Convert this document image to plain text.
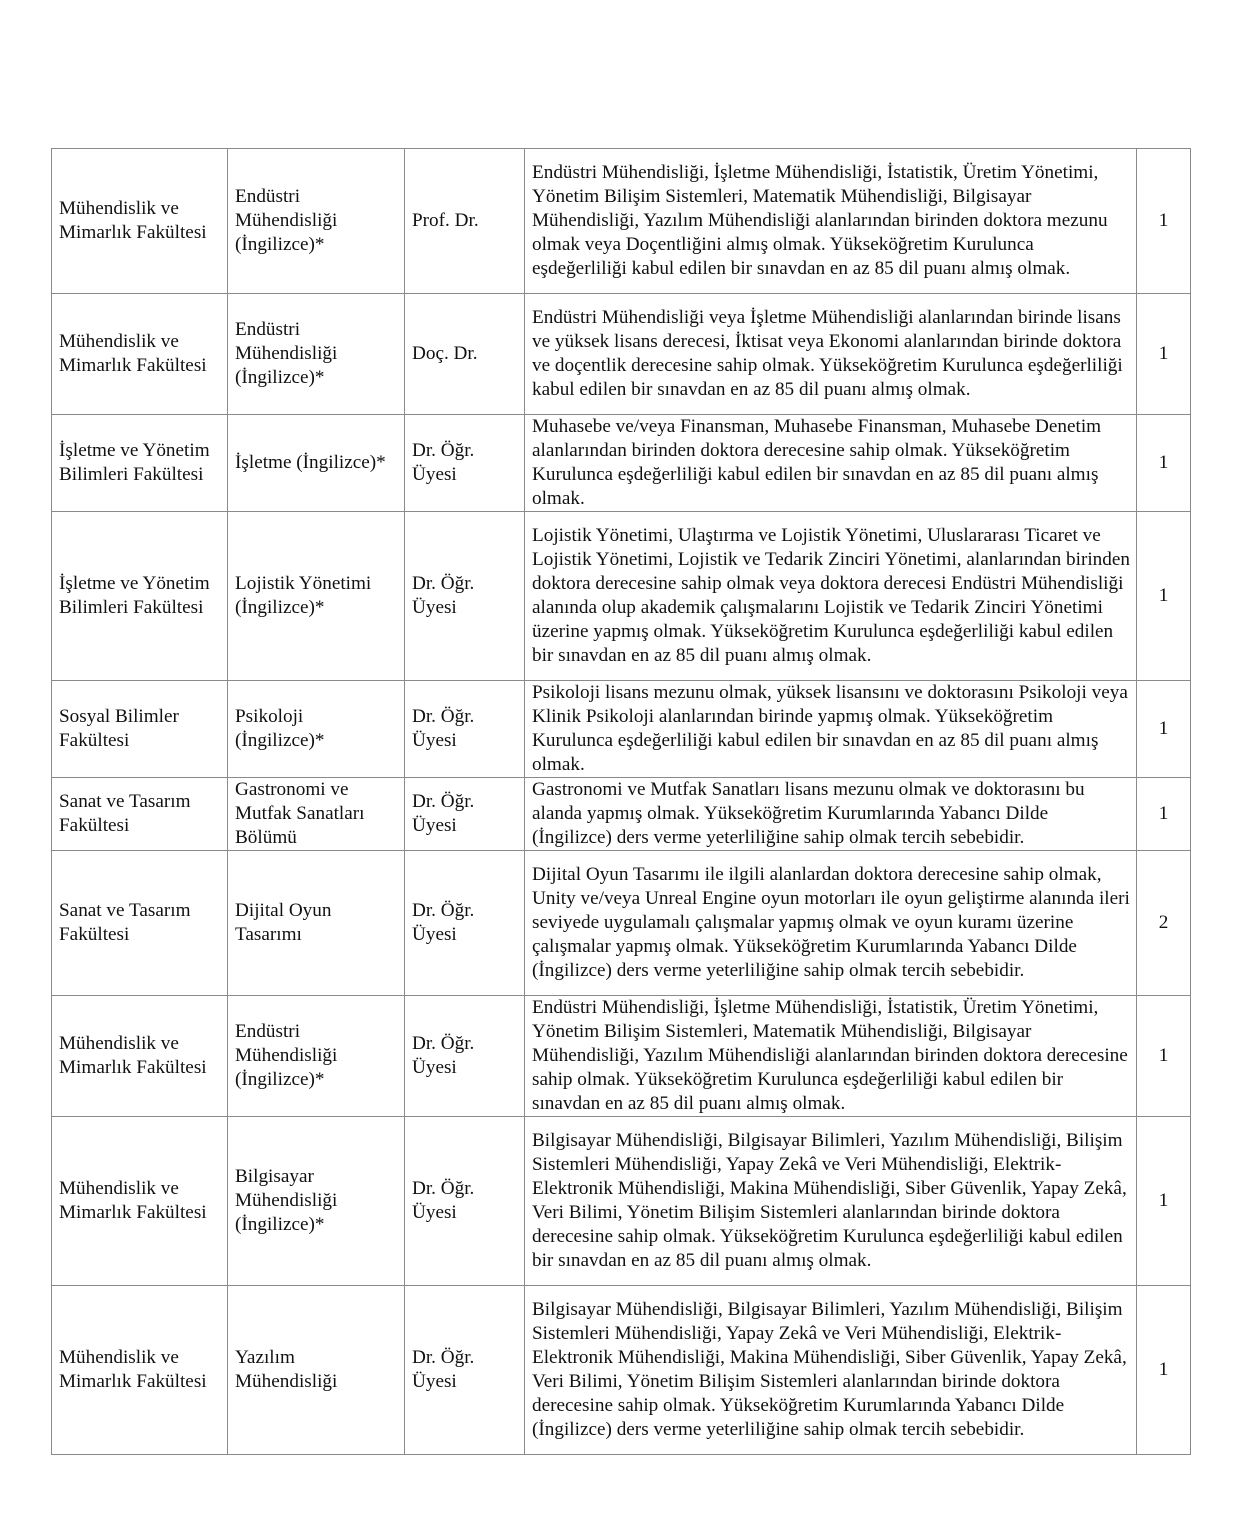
Mühendislik ve Mimarlık Fakültesi	Endüstri Mühendisliği (İngilizce)*	Prof. Dr.	Endüstri Mühendisliği, İşletme Mühendisliği, İstatistik, Üretim Yönetimi, Yönetim Bilişim Sistemleri, Matematik Mühendisliği, Bilgisayar Mühendisliği, Yazılım Mühendisliği alanlarından birinden doktora mezunu olmak veya Doçentliğini almış olmak. Yükseköğretim Kurulunca eşdeğerliliği kabul edilen bir sınavdan en az 85 dil puanı almış olmak.	1
Mühendislik ve Mimarlık Fakültesi	Endüstri Mühendisliği (İngilizce)*	Doç. Dr.	Endüstri Mühendisliği veya İşletme Mühendisliği alanlarından birinde lisans ve yüksek lisans derecesi, İktisat veya Ekonomi alanlarından birinde doktora ve doçentlik derecesine sahip olmak. Yükseköğretim Kurulunca eşdeğerliliği kabul edilen bir sınavdan en az 85 dil puanı almış olmak.	1
İşletme ve Yönetim Bilimleri Fakültesi	İşletme (İngilizce)*	Dr. Öğr. Üyesi	Muhasebe ve/veya Finansman, Muhasebe Finansman, Muhasebe Denetim alanlarından birinden doktora derecesine sahip olmak. Yükseköğretim Kurulunca eşdeğerliliği kabul edilen bir sınavdan en az 85 dil puanı almış olmak.	1
İşletme ve Yönetim Bilimleri Fakültesi	Lojistik Yönetimi (İngilizce)*	Dr. Öğr. Üyesi	Lojistik Yönetimi, Ulaştırma ve Lojistik Yönetimi, Uluslararası Ticaret ve Lojistik Yönetimi, Lojistik ve Tedarik Zinciri Yönetimi, alanlarından birinden doktora derecesine sahip olmak veya doktora derecesi Endüstri Mühendisliği alanında olup akademik çalışmalarını Lojistik ve Tedarik Zinciri Yönetimi üzerine yapmış olmak. Yükseköğretim Kurulunca eşdeğerliliği kabul edilen bir sınavdan en az 85 dil puanı almış olmak.	1
Sosyal Bilimler Fakültesi	Psikoloji (İngilizce)*	Dr. Öğr. Üyesi	Psikoloji lisans mezunu olmak, yüksek lisansını ve doktorasını Psikoloji veya Klinik Psikoloji alanlarından birinde yapmış olmak. Yükseköğretim Kurulunca eşdeğerliliği kabul edilen bir sınavdan en az 85 dil puanı almış olmak.	1
Sanat ve Tasarım Fakültesi	Gastronomi ve Mutfak Sanatları Bölümü	Dr. Öğr. Üyesi	Gastronomi ve Mutfak Sanatları lisans mezunu olmak ve doktorasını bu alanda yapmış olmak. Yükseköğretim Kurumlarında Yabancı Dilde (İngilizce) ders verme yeterliliğine sahip olmak tercih sebebidir.	1
Sanat ve Tasarım Fakültesi	Dijital Oyun Tasarımı	Dr. Öğr. Üyesi	Dijital Oyun Tasarımı ile ilgili alanlardan doktora derecesine sahip olmak, Unity ve/veya Unreal Engine oyun motorları ile oyun geliştirme alanında ileri seviyede uygulamalı çalışmalar yapmış olmak ve oyun kuramı üzerine çalışmalar yapmış olmak. Yükseköğretim Kurumlarında Yabancı Dilde (İngilizce) ders verme yeterliliğine sahip olmak tercih sebebidir.	2
Mühendislik ve Mimarlık Fakültesi	Endüstri Mühendisliği (İngilizce)*	Dr. Öğr. Üyesi	Endüstri Mühendisliği, İşletme Mühendisliği, İstatistik, Üretim Yönetimi, Yönetim Bilişim Sistemleri, Matematik Mühendisliği, Bilgisayar Mühendisliği, Yazılım Mühendisliği alanlarından birinden doktora derecesine sahip olmak. Yükseköğretim Kurulunca eşdeğerliliği kabul edilen bir sınavdan en az 85 dil puanı almış olmak.	1
Mühendislik ve Mimarlık Fakültesi	Bilgisayar Mühendisliği (İngilizce)*	Dr. Öğr. Üyesi	Bilgisayar Mühendisliği, Bilgisayar Bilimleri, Yazılım Mühendisliği, Bilişim Sistemleri Mühendisliği, Yapay Zekâ ve Veri Mühendisliği, Elektrik-Elektronik Mühendisliği, Makina Mühendisliği, Siber Güvenlik, Yapay Zekâ, Veri Bilimi, Yönetim Bilişim Sistemleri alanlarından birinde doktora derecesine sahip olmak. Yükseköğretim Kurulunca eşdeğerliliği kabul edilen bir sınavdan en az 85 dil puanı almış olmak.	1
Mühendislik ve Mimarlık Fakültesi	Yazılım Mühendisliği	Dr. Öğr. Üyesi	Bilgisayar Mühendisliği, Bilgisayar Bilimleri, Yazılım Mühendisliği, Bilişim Sistemleri Mühendisliği, Yapay Zekâ ve Veri Mühendisliği, Elektrik-Elektronik Mühendisliği, Makina Mühendisliği, Siber Güvenlik, Yapay Zekâ, Veri Bilimi, Yönetim Bilişim Sistemleri alanlarından birinde doktora derecesine sahip olmak. Yükseköğretim Kurumlarında Yabancı Dilde (İngilizce) ders verme yeterliliğine sahip olmak tercih sebebidir.	1
